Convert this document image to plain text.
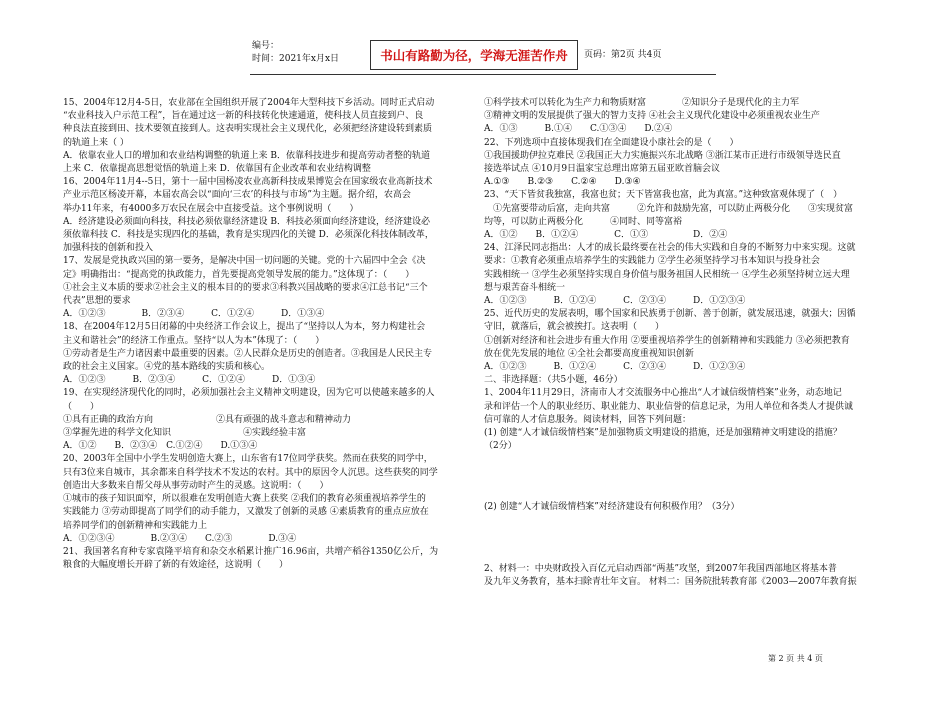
编号：
时间：2021年x月x日	书山有路勤为径，学海无涯苦作舟	页码：第2页 共4页

15、2004年12月4-5日，农业部在全国组织开展了2004年大型科技下乡活动。同时正式启动

“农业科技入户示范工程”，旨在通过这一新的科技转化快速通道，使科技人员直接到户、良

种良法直接到田、技术要领直接到人。这表明实现社会主义现代化，必须把经济建设转到素质

的轨道上来（ ）

A．依靠农业人口的增加和农业结构调整的轨道上来 B．依靠科技进步和提高劳动者整的轨道

上来 C．依靠提高思想觉悟的轨道上来 D．依靠国有企业改革和农业结构调整

16、2004年11月4--5日，第十一届中国杨凌农业高新科技成果博览会在国家级农业高新技术

产业示范区杨凌开幕，本届农高会以“面向‘三农’的科技与市场”为主题。据介绍，农高会

举办11年来，有4000多万农民在展会中直接受益。这个事例说明（　　）

A．经济建设必须面向科技，科技必须依靠经济建设 B．科技必须面向经济建设，经济建设必

须依靠科技 C．科技是实现四化的基础，教育是实现四化的关键 D．必须深化科技体制改革，

加强科技的创新和投入

17、发展是党执政兴国的第一要务，是解决中国一切问题的关键。党的十六届四中全会《决

定》明确指出：“提高党的执政能力，首先要提高党领导发展的能力。”这体现了：（　　）

①社会主义本质的要求②社会主义的根本目的的要求③科教兴国战略的要求④江总书记“三个

代表”思想的要求

A．①②③　　　　B．②③④　　　C．①②④　　　D．①③④

18、在2004年12月5日闭幕的中央经济工作会议上，提出了“坚持以人为本，努力构建社会

主义和谐社会”的经济工作重点。坚持“以人为本”体现了：（　　）

①劳动者是生产力诸因素中最重要的因素。②人民群众是历史的创造者。③我国是人民民主专

政的社会主义国家。④党的基本路线的实质和核心。

A．①②③　　　B．②③④　　　C．①②④　　　D．①③④

19、在实现经济现代化的同时，必须加强社会主义精神文明建设，因为它可以使越来越多的人

（　　）

①具有正确的政治方向　　　　　　　②具有顽强的战斗意志和精神动力

③掌握先进的科学文化知识　　　　　　　　④实践经验丰富

A．①②　　B．②③④　C.①②④　　D.①③④

20、2003年全国中小学生发明创造大赛上，山东省有17位同学获奖。然而在获奖的同学中，

只有3位来自城市，其余都来自科学技术不发达的农村。其中的原因令人沉思。这些获奖的同学

创造出大多数来自帮父母从事劳动时产生的灵感。这说明：（　　）

①城市的孩子知识面窄，所以很难在发明创造大赛上获奖 ②我们的教育必须重视培养学生的

实践能力 ③劳动即提高了同学们的动手能力，又激发了创新的灵感 ④素质教育的重点应放在

培养同学们的创新精神和实践能力上

A．①②③④　　　　B.②③④　　C.②③　　　　D.③④

21、我国著名育种专家袁隆平培育和杂交水稻累计推广16.96亩，共增产稻谷1350亿公斤，为

粮食的大幅度增长开辟了新的有效途径，这说明（　　）

①科学技术可以转化为生产力和物质财富　　　　②知识分子是现代化的主力军

③精神文明的发展提供了强大的智力支持 ④社会主义现代化建设中必须重视农业生产

A．①③　　　B.①④　　C.①③④　　D.②④

22、下列选项中直接体现我们在全面建设小康社会的是（　　）

①我国援助伊拉克难民 ②我国正大力实施振兴东北战略 ③浙江某市正进行市级领导选民直

接选举试点 ④10月9日温家宝总理出席第五届亚欧首脑会议

A.①③　　B.②③　　C.②④　　D.③④

23、“天下皆贫我独富，我富也贫；天下皆富我也富，此为真富。”这种致富观体现了（　）

　①先富要带动后富，走向共富　　　②允许和鼓励先富，可以防止两极分化　　③实现贫富

均等，可以防止两极分化　　　④同时、同等富裕

A．①②　　B．①②④　　　　C．①③　　　　　D．②④

24、江泽民同志指出：人才的成长最终要在社会的伟大实践和自身的不断努力中来实现。这就

要求：①教育必须重点培养学生的实践能力 ②学生必须坚持学习书本知识与投身社会

实践相统一 ③学生必须坚持实现自身价值与服务祖国人民相统一 ④学生必须坚持树立远大理

想与艰苦奋斗相统一

A．①②③　　　B．①②④　　　C．②③④　　　D．①②③④

25、近代历史的发展表明，哪个国家和民族勇于创新、善于创新，就发展迅速，就强大；因循

守旧，就落后，就会被挨打。这表明（　　）

①创新对经济和社会进步有重大作用 ②要重视培养学生的创新精神和实践能力 ③必须把教育

放在优先发展的地位 ④全社会都要高度重视知识创新

A．①②③　　　B．①②④　　　C．②③④　　　D．①②③④

二、非选择题：（共5小题，46分）

1、2004年11月29日，济南市人才交流服务中心推出“人才诚信级情档案”业务，动态地记

录和评估一个人的职业经历、职业能力、职业信誉的信息记录，为用人单位和各类人才提供诚

信可靠的人才信息服务。阅读材料，回答下列问题：

(1) 创建“人才诚信级情档案”是加强物质文明建设的措施，还是加强精神文明建设的措施？

（2分）

(2) 创建“人才诚信级情档案”对经济建设有何积极作用？（3分）

2、材料一：中央财政投入百亿元启动西部“两基”攻坚，到2007年我国西部地区将基本普

及九年义务教育，基本扫除青壮年文盲。 材料二：国务院批转教育部《2003—2007年教育振

第 2 页 共 4 页
